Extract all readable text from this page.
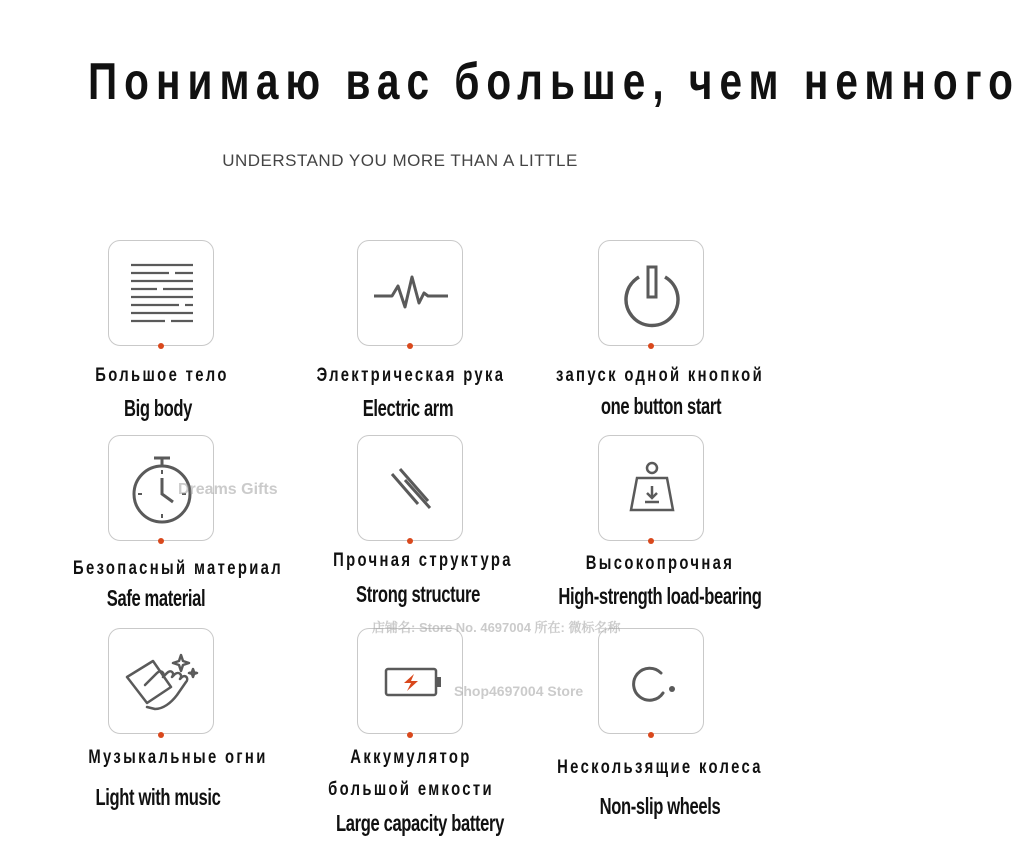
Понимаю вас больше, чем немного
UNDERSTAND YOU MORE THAN A LITTLE
Большое тело
Big body
Электрическая рука
Electric arm
запуск одной кнопкой
one button start
Безопасный материал
Safe material
Прочная структура
Strong structure
Высокопрочная
High-strength load-bearing
Музыкальные огни
Light with music
Аккумулятор
большой емкости
Large capacity battery
Нескользящие колеса
Non-slip wheels
Dreams Gifts
店铺名: Store No. 4697004 所在: 微标名称
Shop4697004 Store
